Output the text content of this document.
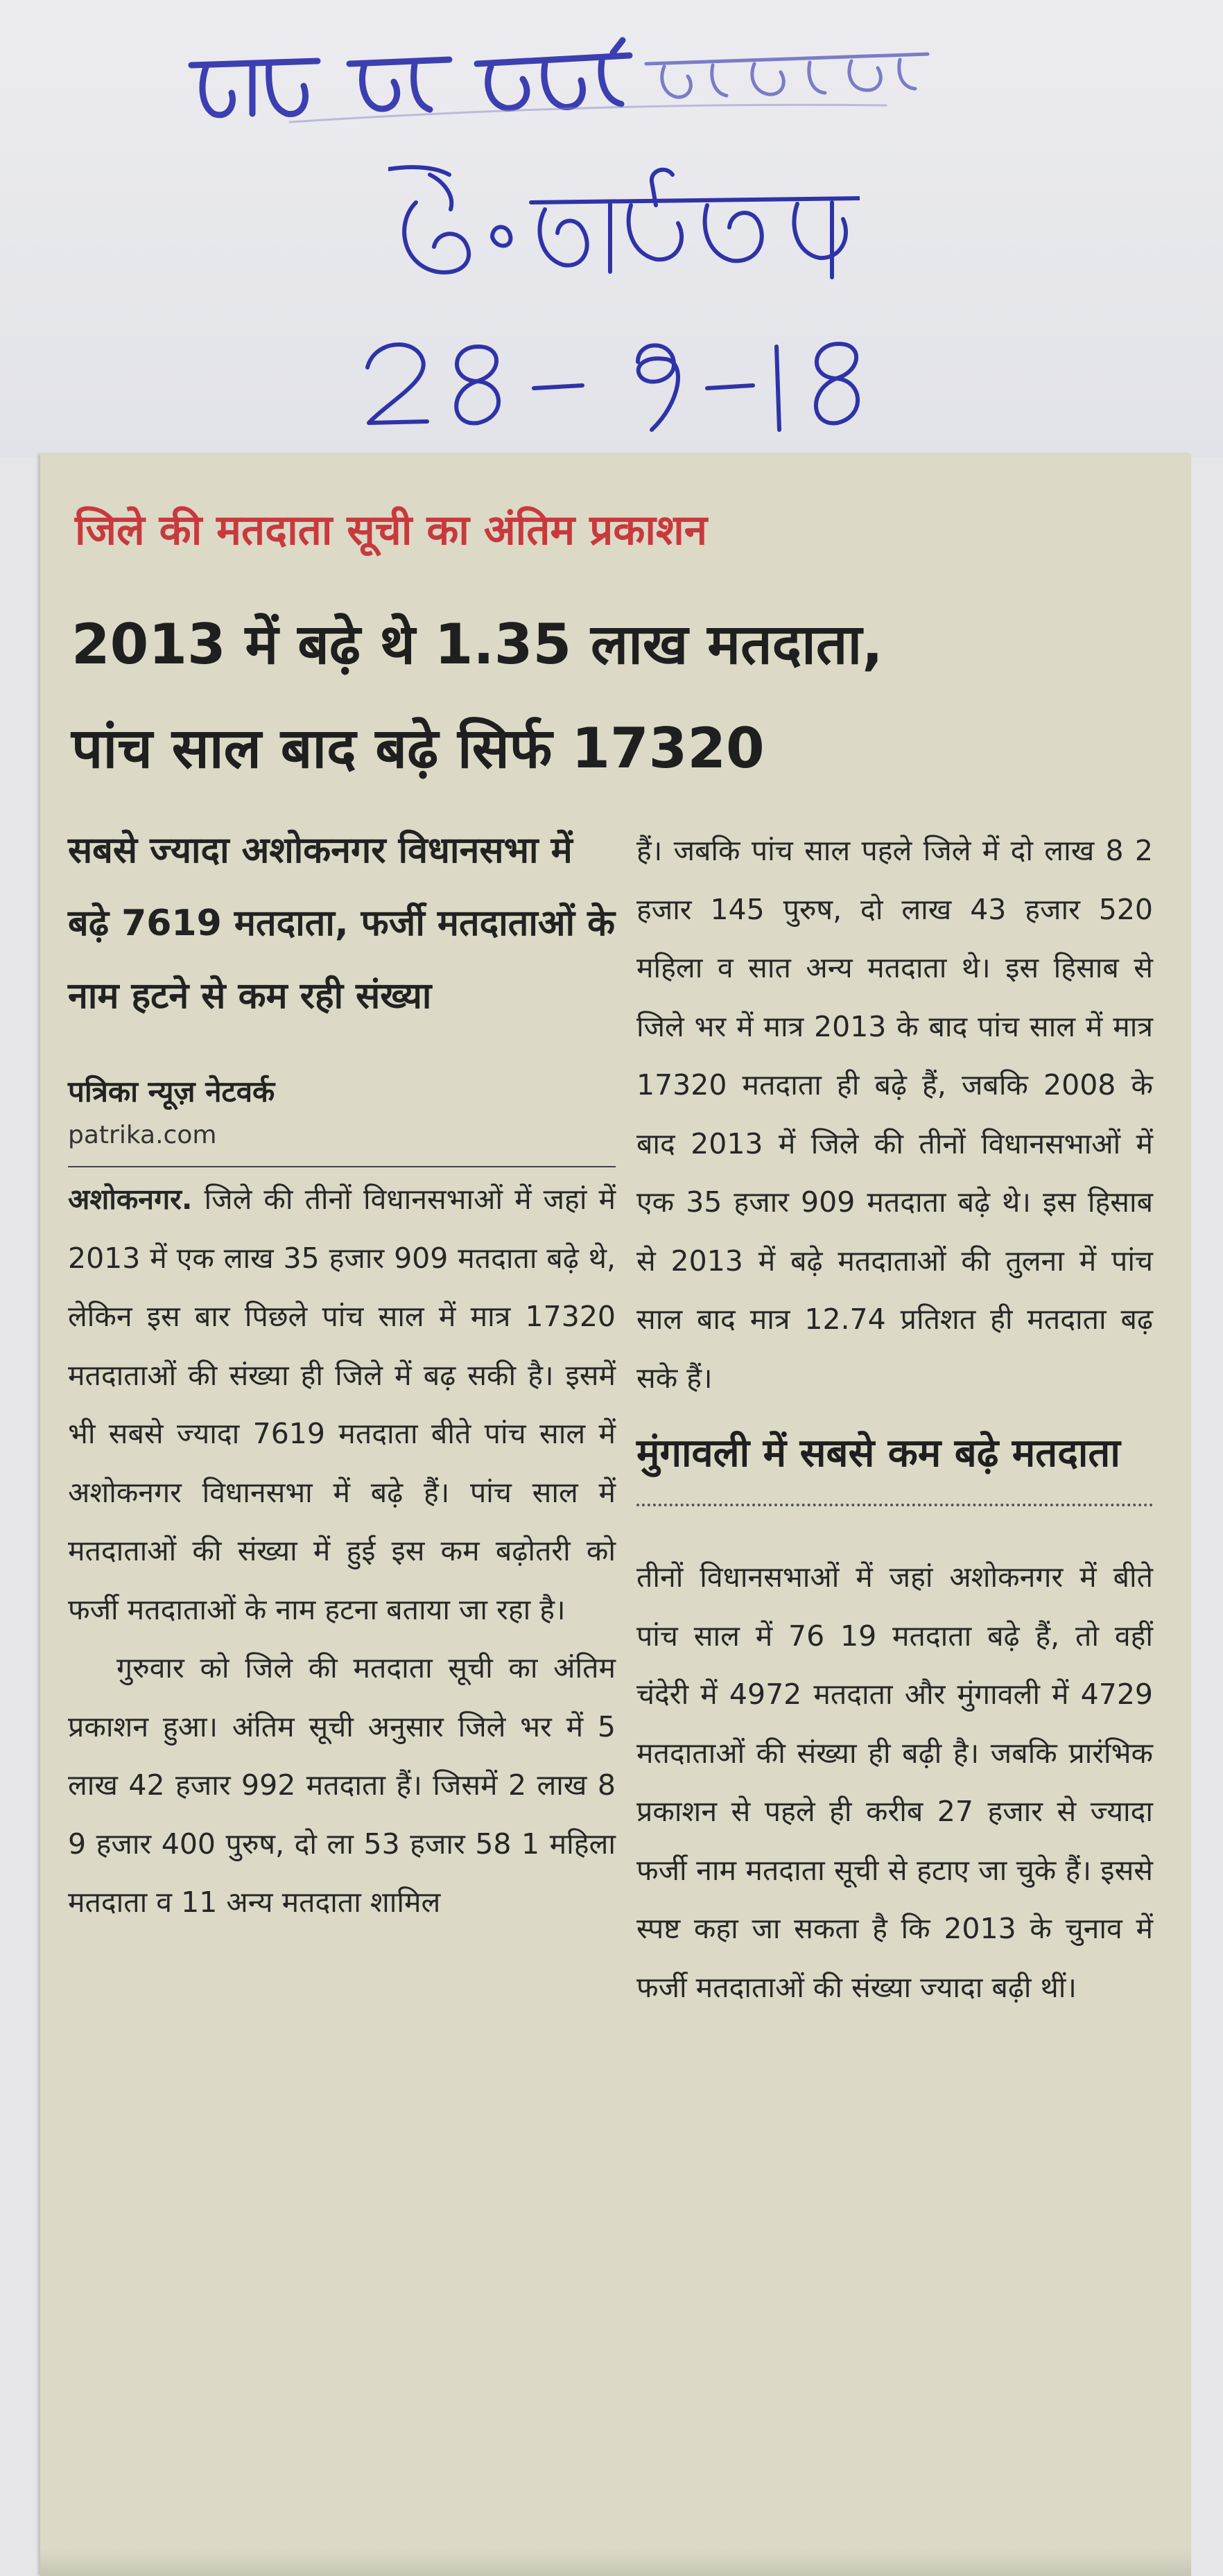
जिले की मतदाता सूची का अंतिम प्रकाशन
2013 में बढ़े थे 1.35 लाख मतदाता,
पांच साल बाद बढ़े सिर्फ 17320

सबसे ज्यादा अशोकनगर विधानसभा में बढ़े 7619 मतदाता, फर्जी मतदाताओं के नाम हटने से कम रही संख्या

पत्रिका न्यूज़ नेटवर्क

patrika.com

अशोकनगर. जिले की तीनों विधानसभाओं में जहां में 2013 में एक लाख 35 हजार 909 मतदाता बढ़े थे, लेकिन इस बार पिछले पांच साल में मात्र 17320 मतदाताओं की संख्या ही जिले में बढ़ सकी है। इसमें भी सबसे ज्यादा 7619 मतदाता बीते पांच साल में अशोकनगर विधानसभा में बढ़े हैं। पांच साल में मतदाताओं की संख्या में हुई इस कम बढ़ोतरी को फर्जी मतदाताओं के नाम हटना बताया जा रहा है।

गुरुवार को जिले की मतदाता सूची का अंतिम प्रकाशन हुआ। अंतिम सूची अनुसार जिले भर में 5 लाख 42 हजार 992 मतदाता हैं। जिसमें 2 लाख 8 9 हजार 400 पुरुष, दो ला 53 हजार 58 1 महिला मतदाता व 11 अन्य मतदाता शामिल

हैं। जबकि पांच साल पहले जिले में दो लाख 8 2 हजार 145 पुरुष, दो लाख 43 हजार 520 महिला व सात अन्य मतदाता थे। इस हिसाब से जिले भर में मात्र 2013 के बाद पांच साल में मात्र 17320 मतदाता ही बढ़े हैं, जबकि 2008 के बाद 2013 में जिले की तीनों विधानसभाओं में एक 35 हजार 909 मतदाता बढ़े थे। इस हिसाब से 2013 में बढ़े मतदाताओं की तुलना में पांच साल बाद मात्र 12.74 प्रतिशत ही मतदाता बढ़ सके हैं।

मुंगावली में सबसे कम बढ़े मतदाता

तीनों विधानसभाओं में जहां अशोकनगर में बीते पांच साल में 76 19 मतदाता बढ़े हैं, तो वहीं चंदेरी में 4972 मतदाता और मुंगावली में 4729 मतदाताओं की संख्या ही बढ़ी है। जबकि प्रारंभिक प्रकाशन से पहले ही करीब 27 हजार से ज्यादा फर्जी नाम मतदाता सूची से हटाए जा चुके हैं। इससे स्पष्ट कहा जा सकता है कि 2013 के चुनाव में फर्जी मतदाताओं की संख्या ज्यादा बढ़ी थीं।
